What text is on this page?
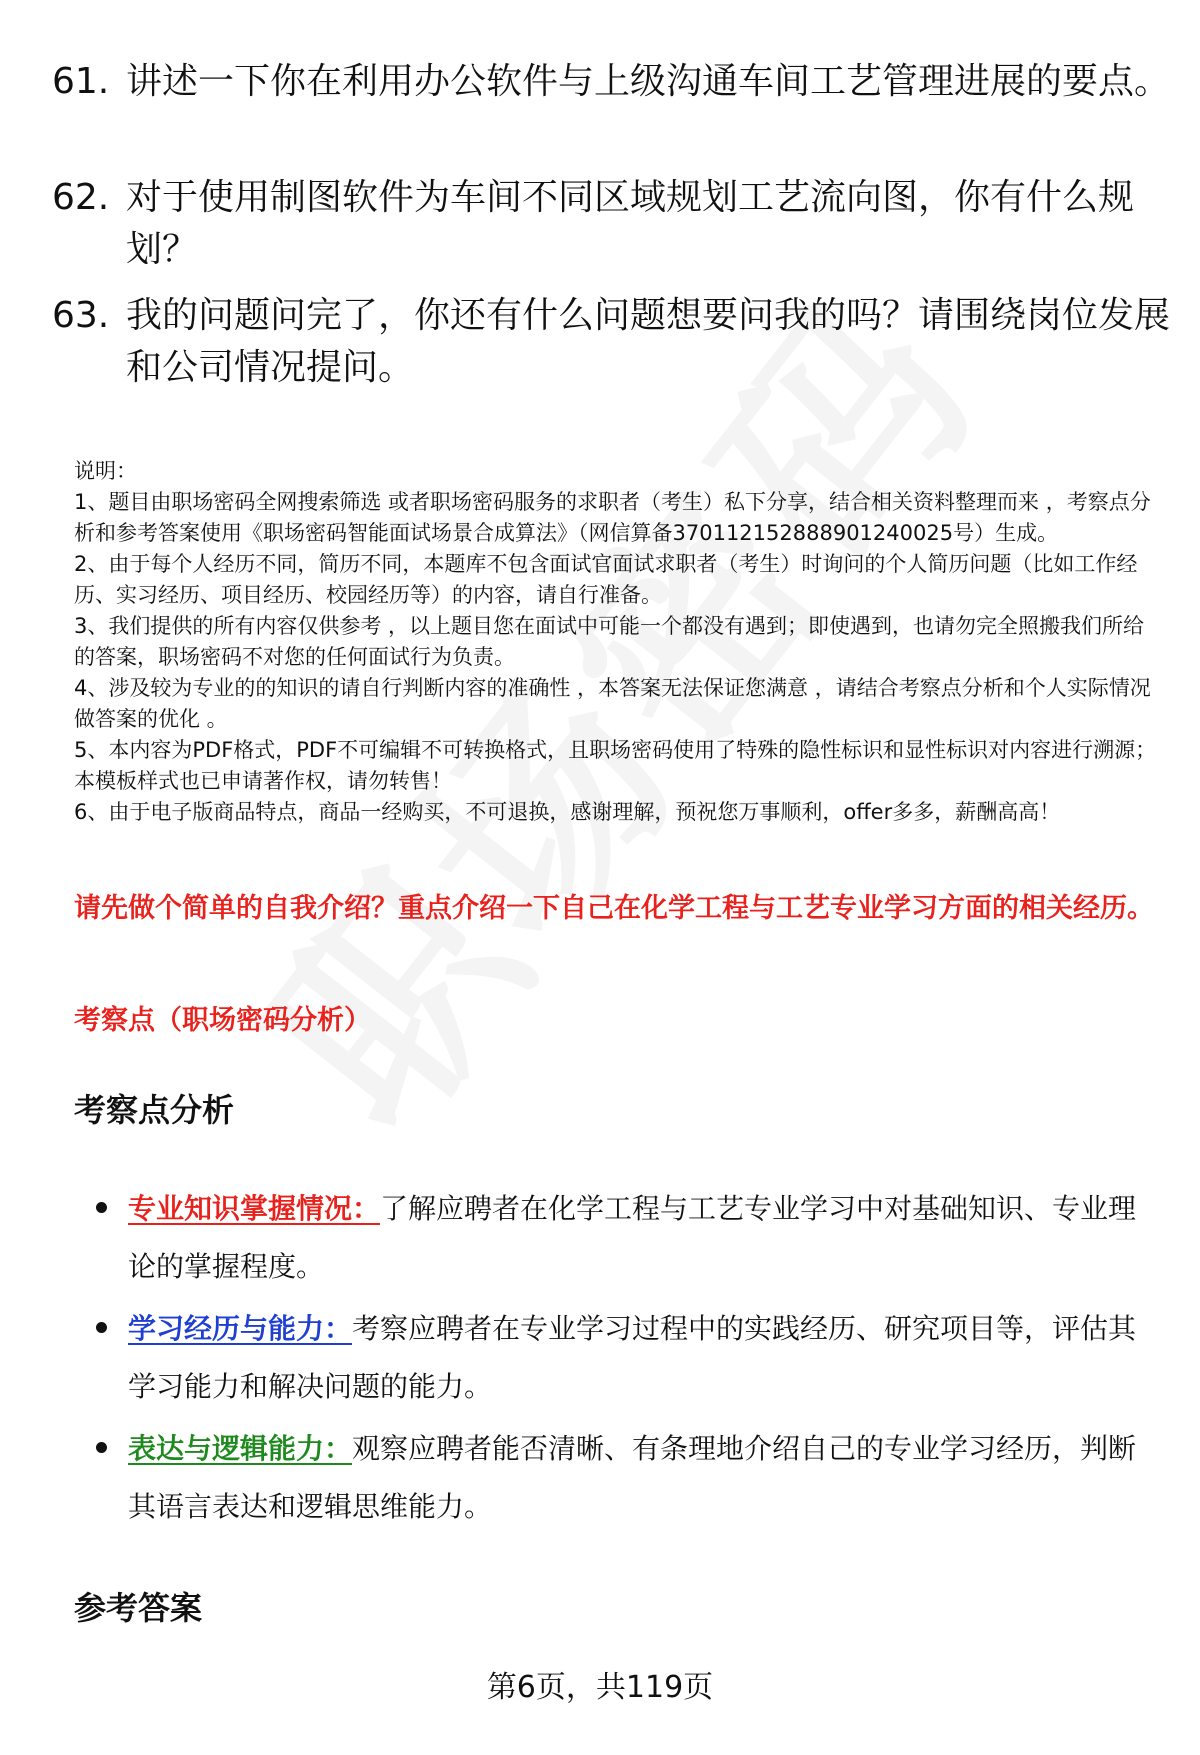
61. 讲述一下你在利用办公软件与上级沟通车间工艺管理进展的要点。
62. 对于使用制图软件为车间不同区域规划工艺流向图，你有什么规划？
63. 我的问题问完了，你还有什么问题想要问我的吗？请围绕岗位发展和公司情况提问。
说明：
1、题目由职场密码全网搜索筛选 或者职场密码服务的求职者（考生）私下分享，结合相关资料整理而来 ，考察点分析和参考答案使用《职场密码智能面试场景合成算法》（网信算备370112152888901240025号）生成。
2、由于每个人经历不同，简历不同，本题库不包含面试官面试求职者（考生）时询问的个人简历问题（比如工作经历、实习经历、项目经历、校园经历等）的内容，请自行准备。
3、我们提供的所有内容仅供参考 ，以上题目您在面试中可能一个都没有遇到；即使遇到，也请勿完全照搬我们所给的答案，职场密码不对您的任何面试行为负责。
4、涉及较为专业的的知识的请自行判断内容的准确性 ，本答案无法保证您满意 ，请结合考察点分析和个人实际情况做答案的优化 。
5、本内容为PDF格式，PDF不可编辑不可转换格式，且职场密码使用了特殊的隐性标识和显性标识对内容进行溯源；本模板样式也已申请著作权，请勿转售！
6、由于电子版商品特点，商品一经购买，不可退换，感谢理解，预祝您万事顺利，offer多多，薪酬高高！
请先做个简单的自我介绍？重点介绍一下自己在化学工程与工艺专业学习方面的相关经历。
考察点（职场密码分析）
考察点分析
专业知识掌握情况：了解应聘者在化学工程与工艺专业学习中对基础知识、专业理论的掌握程度。
学习经历与能力：考察应聘者在专业学习过程中的实践经历、研究项目等，评估其学习能力和解决问题的能力。
表达与逻辑能力：观察应聘者能否清晰、有条理地介绍自己的专业学习经历，判断其语言表达和逻辑思维能力。
参考答案
第6页，共119页
